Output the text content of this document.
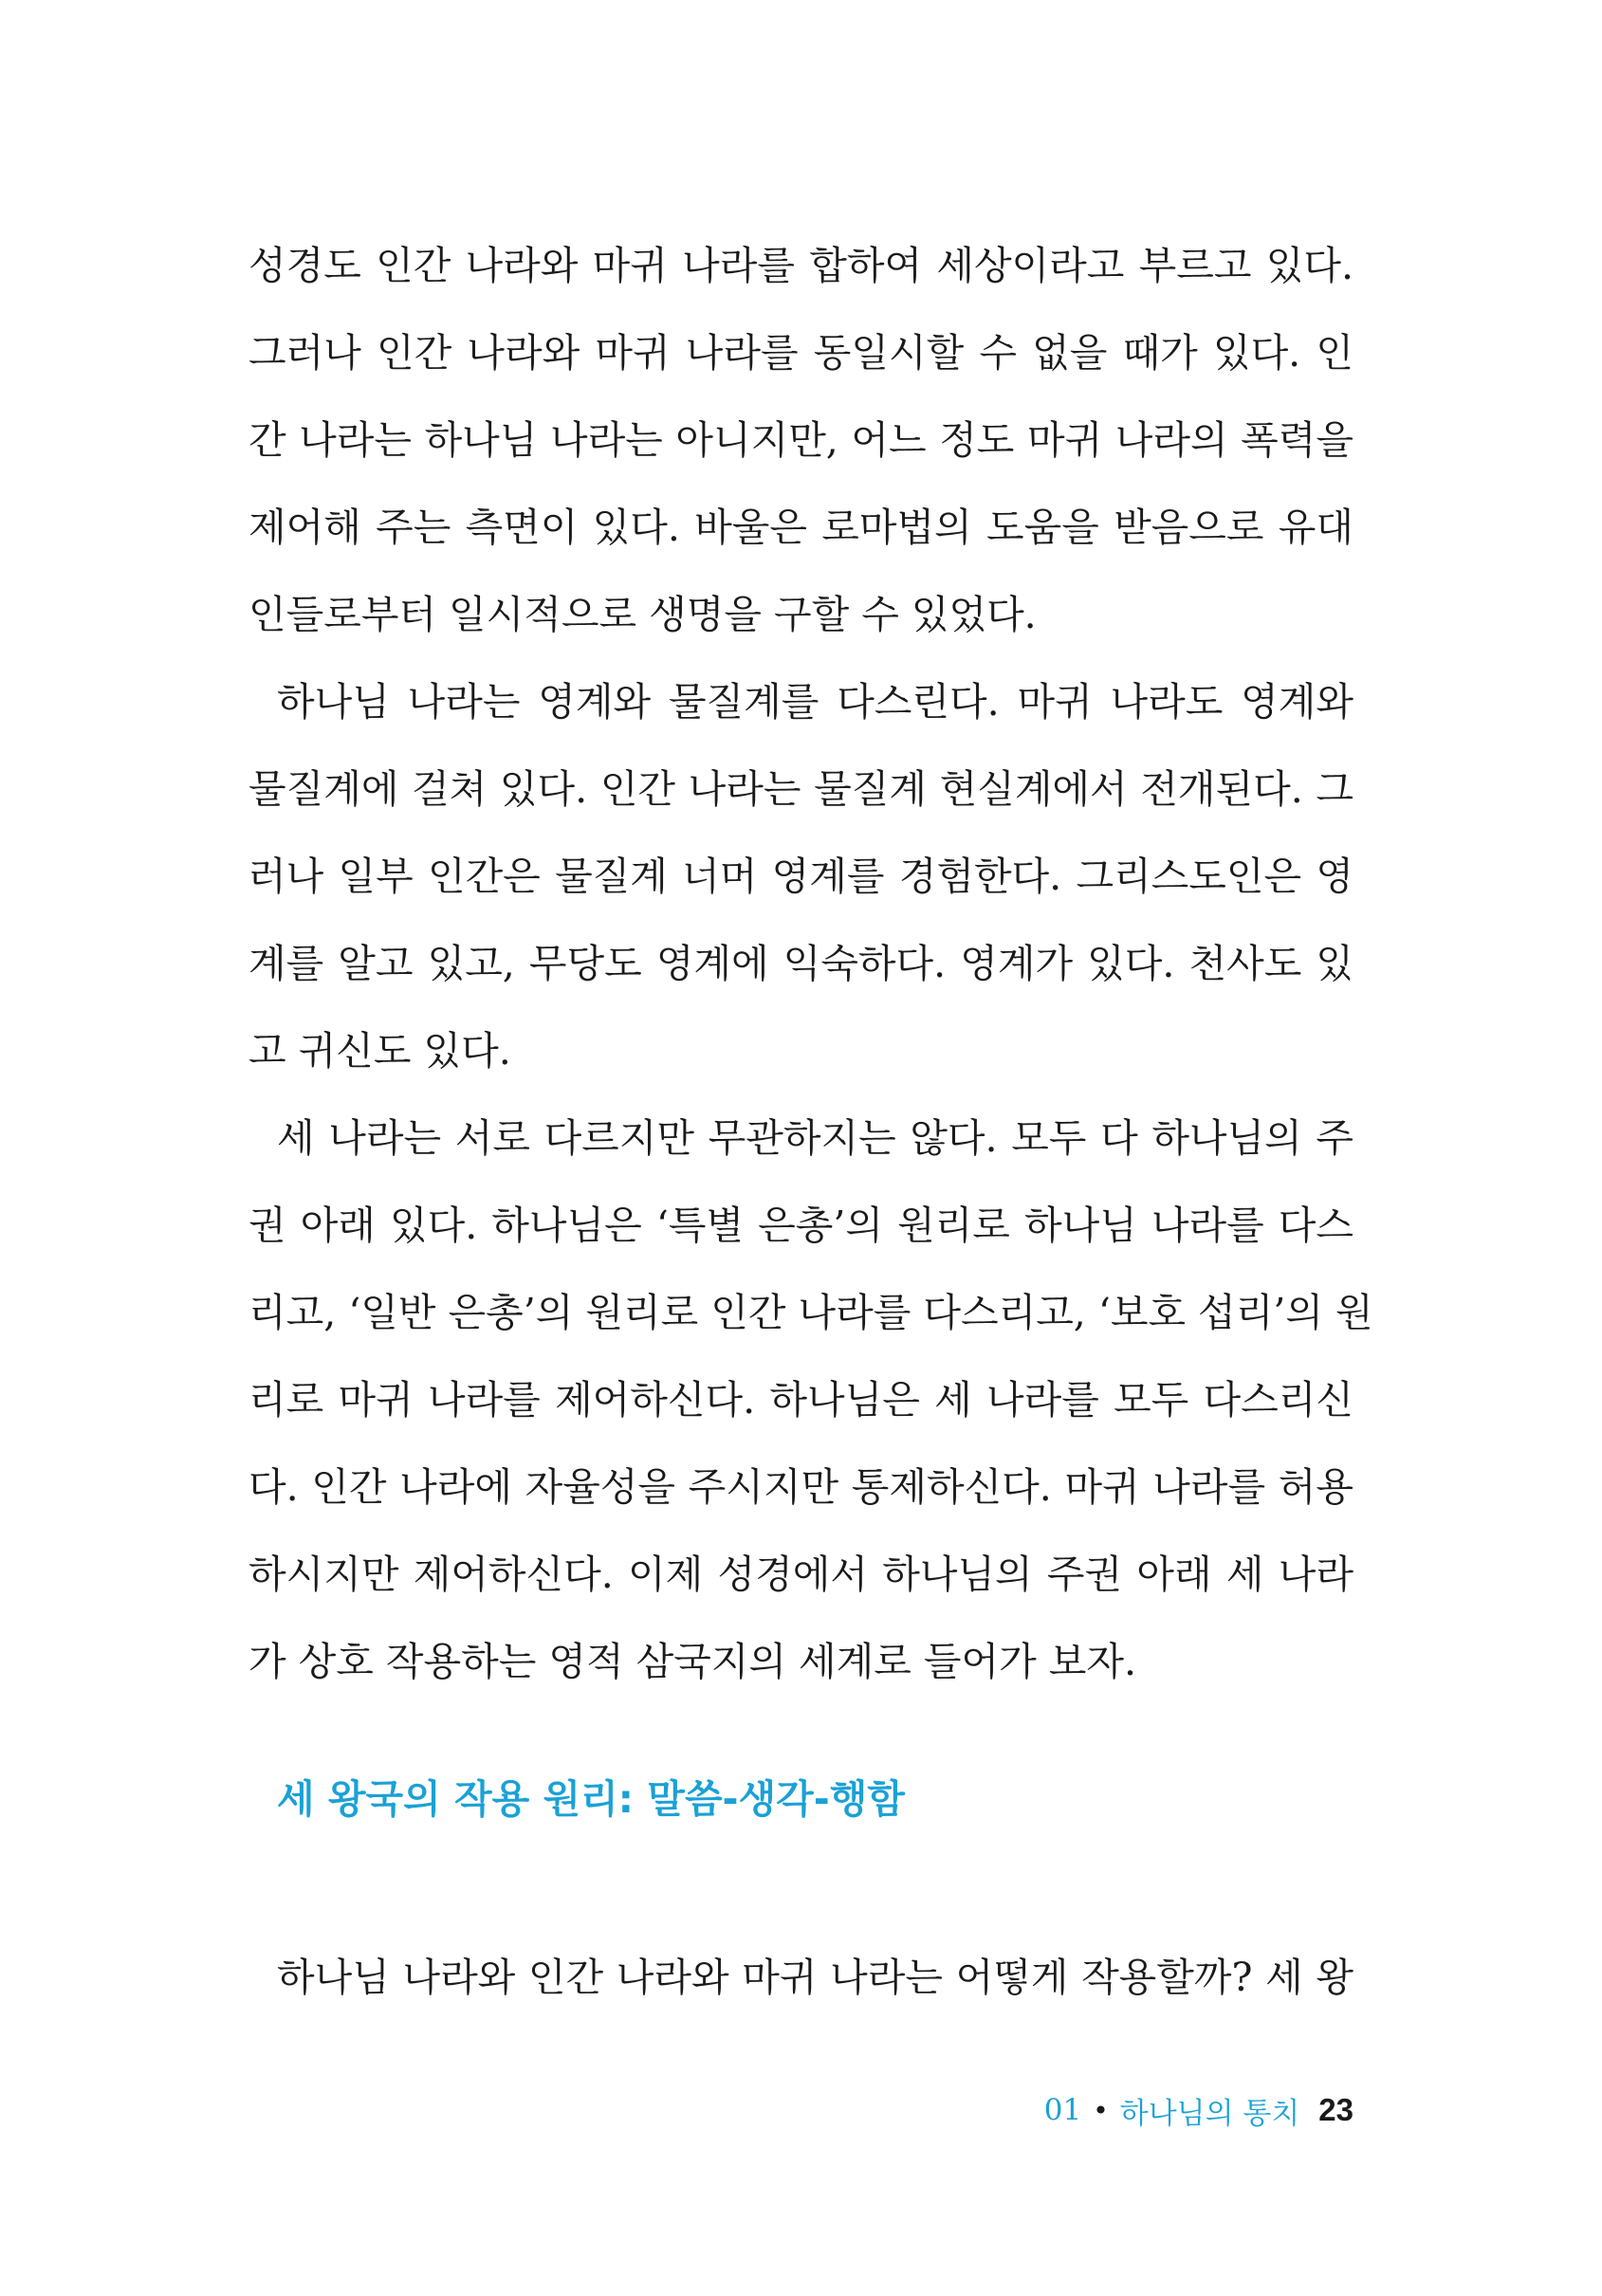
성경도 인간 나라와 마귀 나라를 합하여 세상이라고 부르고 있다.
그러나 인간 나라와 마귀 나라를 동일시할 수 없을 때가 있다. 인
간 나라는 하나님 나라는 아니지만, 어느 정도 마귀 나라의 폭력을
제어해 주는 측면이 있다. 바울은 로마법의 도움을 받음으로 유대
인들로부터 일시적으로 생명을 구할 수 있었다.
하나님 나라는 영계와 물질계를 다스린다. 마귀 나라도 영계와
물질계에 걸쳐 있다. 인간 나라는 물질계 현실계에서 전개된다. 그
러나 일부 인간은 물질계 너머 영계를 경험한다. 그리스도인은 영
계를 알고 있고, 무당도 영계에 익숙하다. 영계가 있다. 천사도 있
고 귀신도 있다.
세 나라는 서로 다르지만 무관하지는 않다. 모두 다 하나님의 주
권 아래 있다. 하나님은 ‘특별 은총’의 원리로 하나님 나라를 다스
리고, ‘일반 은총’의 원리로 인간 나라를 다스리고, ‘보호 섭리’의 원
리로 마귀 나라를 제어하신다. 하나님은 세 나라를 모두 다스리신
다. 인간 나라에 자율성을 주시지만 통제하신다. 마귀 나라를 허용
하시지만 제어하신다. 이제 성경에서 하나님의 주권 아래 세 나라
가 상호 작용하는 영적 삼국지의 세계로 들어가 보자.
세 왕국의 작용 원리: 말씀-생각-행함
하나님 나라와 인간 나라와 마귀 나라는 어떻게 작용할까? 세 왕
01 • 하나님의 통치 23
